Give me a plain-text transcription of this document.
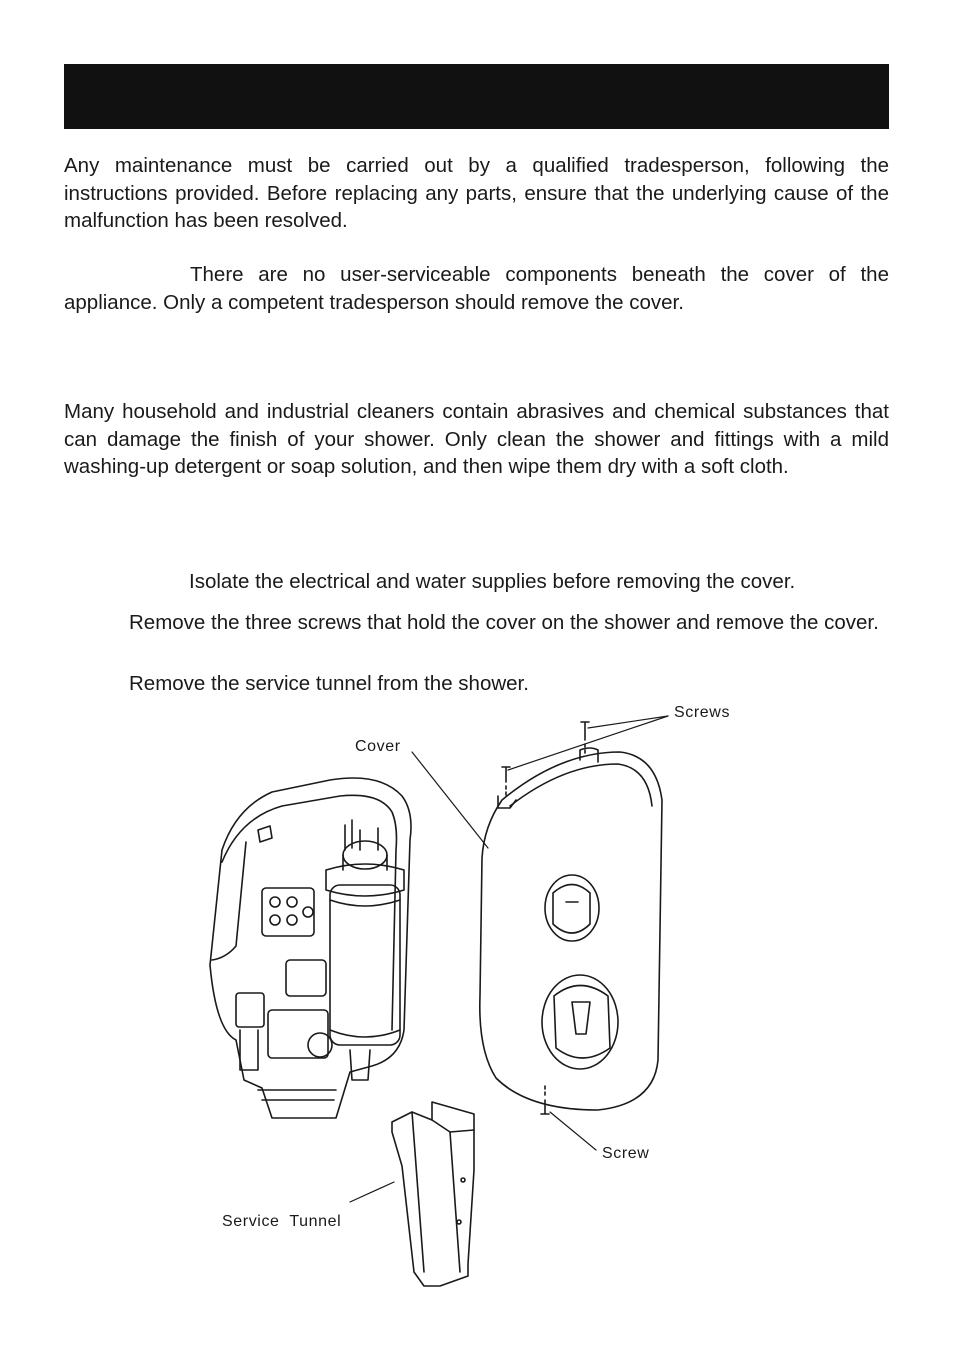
Any maintenance must be carried out by a qualified tradesperson, following the instructions provided. Before replacing any parts, ensure that the underlying cause of the malfunction has been resolved.

There are no user-serviceable components beneath the cover of the appliance. Only a competent tradesperson should remove the cover.

Many household and industrial cleaners contain abrasives and chemical substances that can damage the finish of your shower. Only clean the shower and fittings with a mild washing-up detergent or soap solution, and then wipe them dry with a soft cloth.

Isolate the electrical and water supplies before removing the cover.

Remove the three screws that hold the cover on the shower and remove the cover.

Remove the service tunnel from the shower.

Screws
Cover
Screw
Service  Tunnel
